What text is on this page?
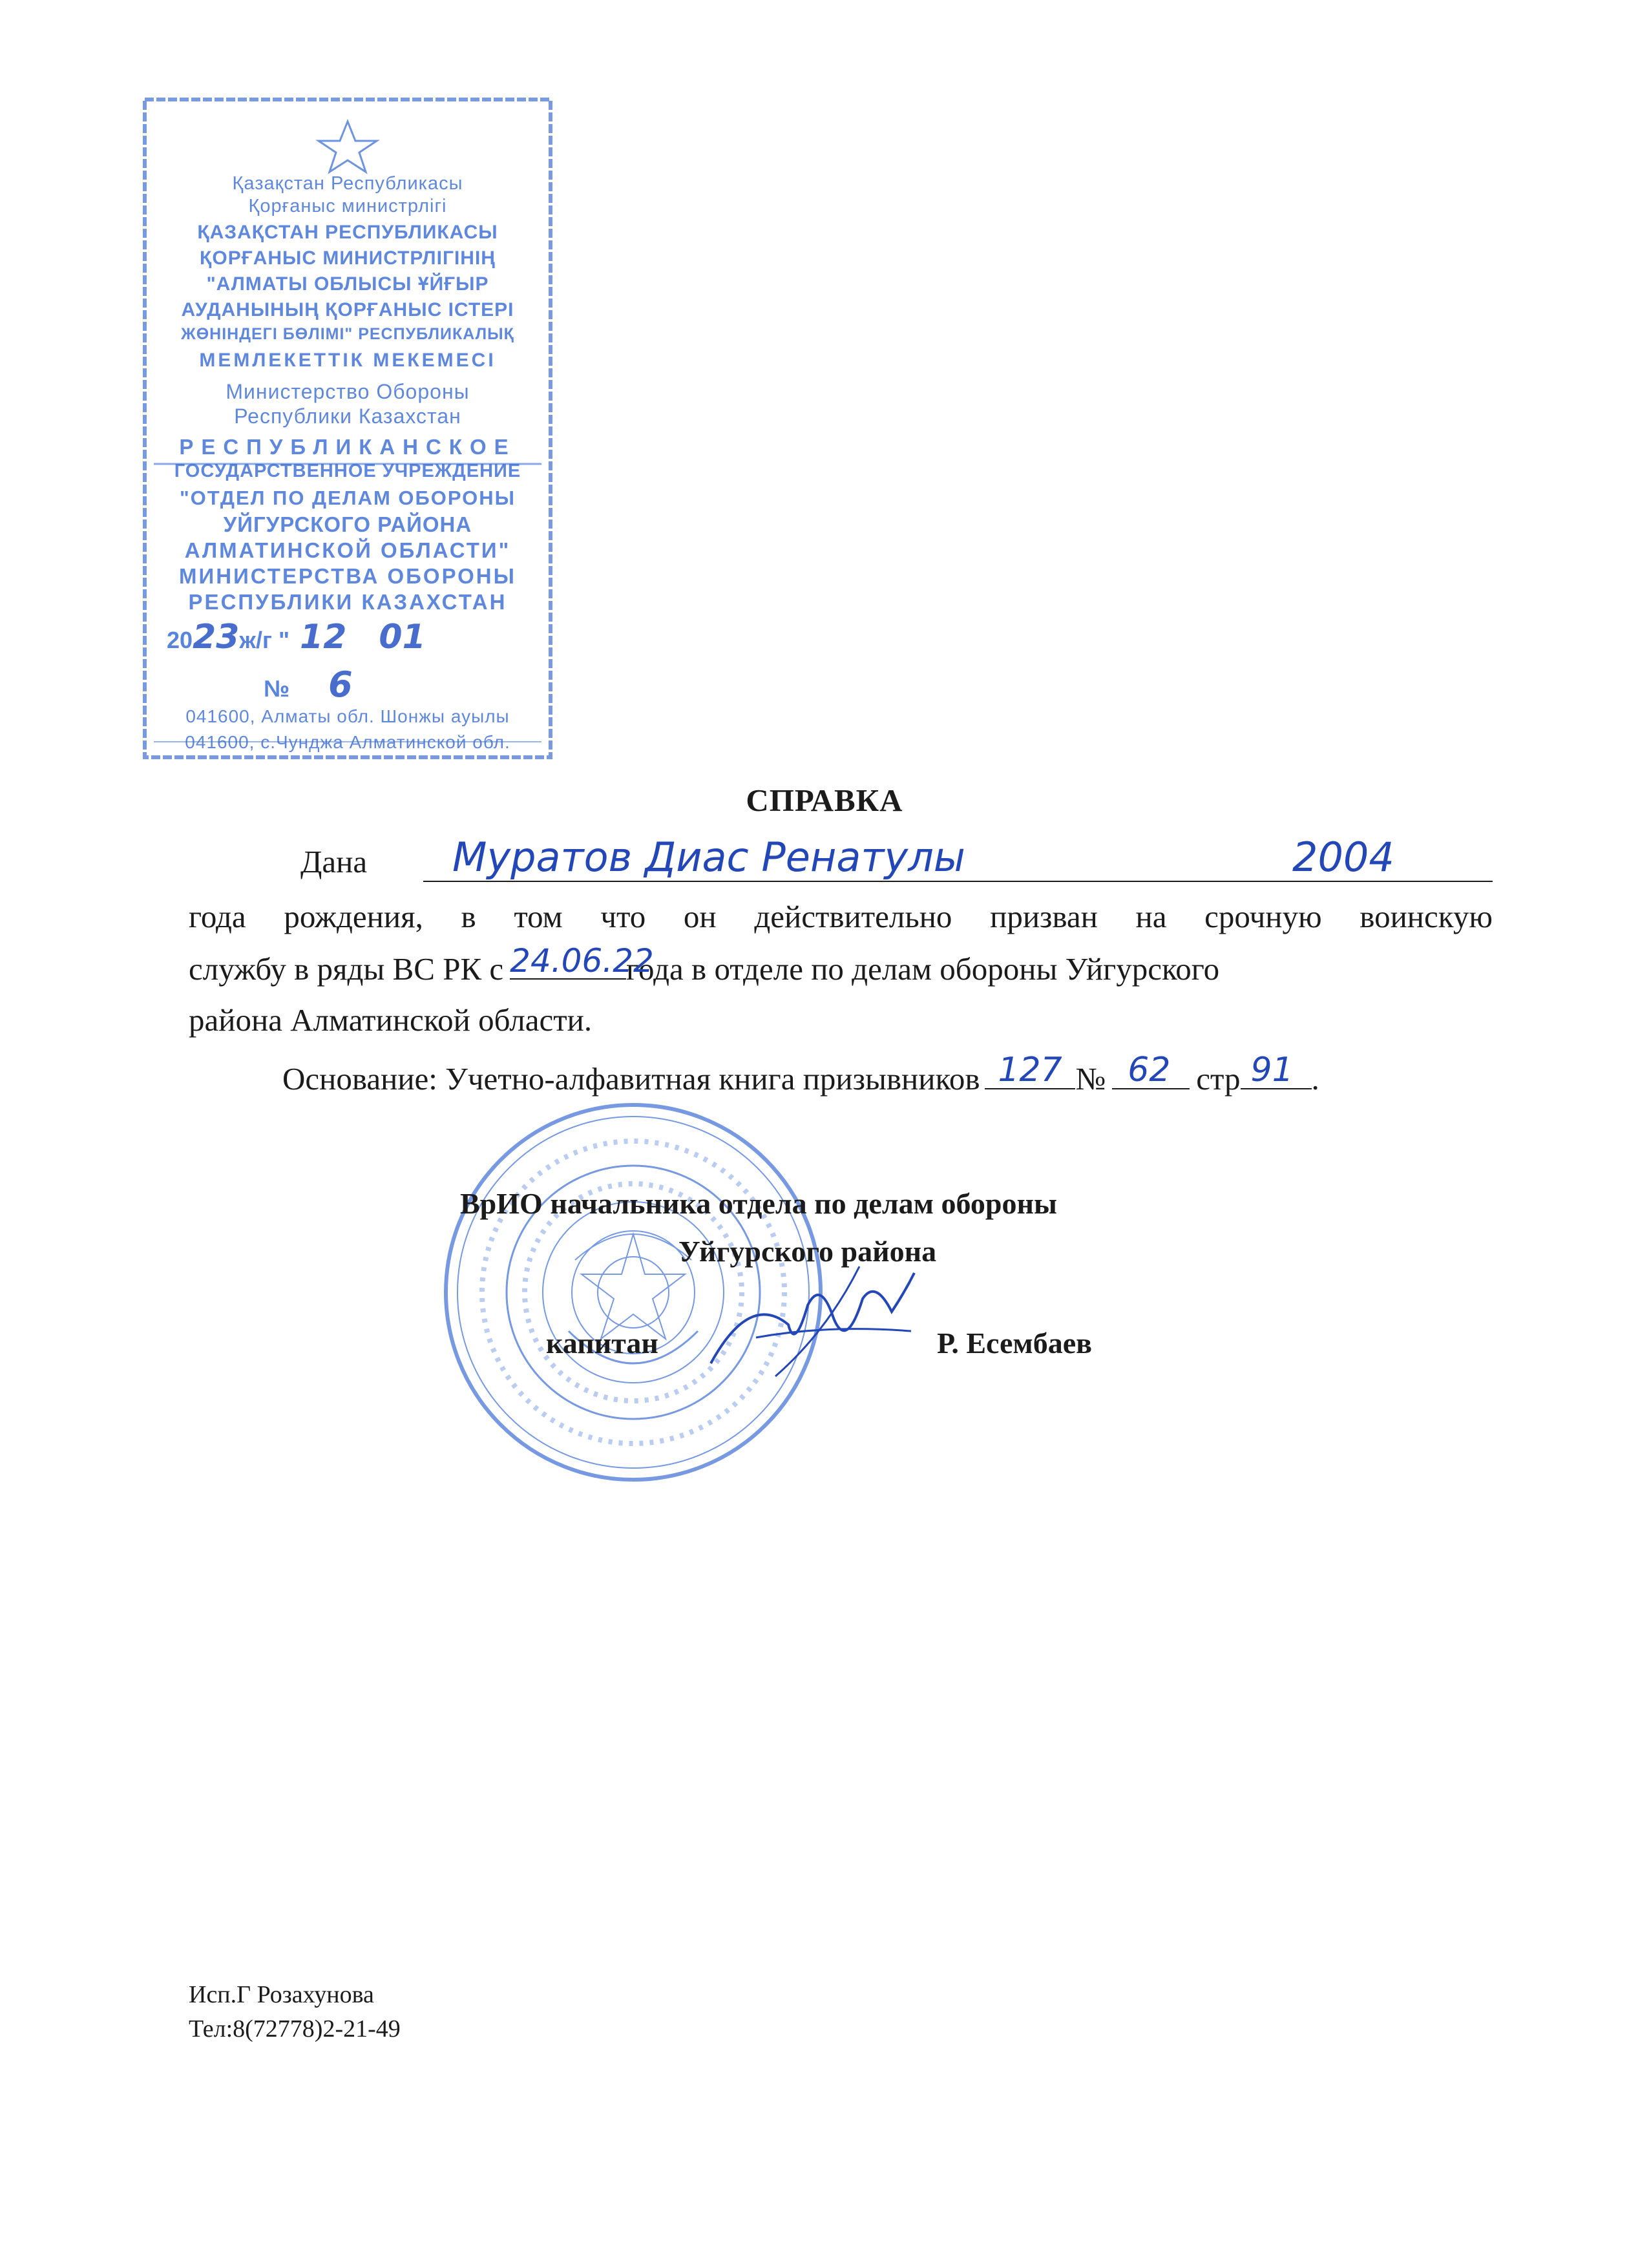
Қазақстан Республикасы
Қорғаныс министрлігі
ҚАЗАҚСТАН РЕСПУБЛИКАСЫ
ҚОРҒАНЫС МИНИСТРЛІГІНІҢ
"АЛМАТЫ ОБЛЫСЫ ҰЙҒЫР
АУДАНЫНЫҢ ҚОРҒАНЫС ІСТЕРІ
ЖӨНІНДЕГІ БӨЛІМІ" РЕСПУБЛИКАЛЫҚ
МЕМЛЕКЕТТІК МЕКЕМЕСІ
Министерство Обороны
Республики Казахстан
РЕСПУБЛИКАНСКОЕ
ГОСУДАРСТВЕННОЕ УЧРЕЖДЕНИЕ
"ОТДЕЛ ПО ДЕЛАМ ОБОРОНЫ
УЙГУРСКОГО РАЙОНА
АЛМАТИНСКОЙ ОБЛАСТИ"
МИНИСТЕРСТВА ОБОРОНЫ
РЕСПУБЛИКИ КАЗАХСТАН
2023ж/г " 12 01
№ 6
041600, Алматы обл. Шонжы ауылы
041600, с.Чунджа Алматинской обл.
СПРАВКА
Дана Муратов Диас Ренатулы	2004
года рождения, в том что он действительно призван на срочную воинскую
службу в ряды ВС РК с 24.06.22
года в отделе по делам обороны Уйгурского
района Алматинской области.
Основание: Учетно-алфавитная книга призывников 127 № 62 стр 91 .
ВрИО начальника отдела по делам обороны
Уйгурского района
капитан	Р. Есембаев
Исп.Г Розахунова
Тел:8(72778)2-21-49
